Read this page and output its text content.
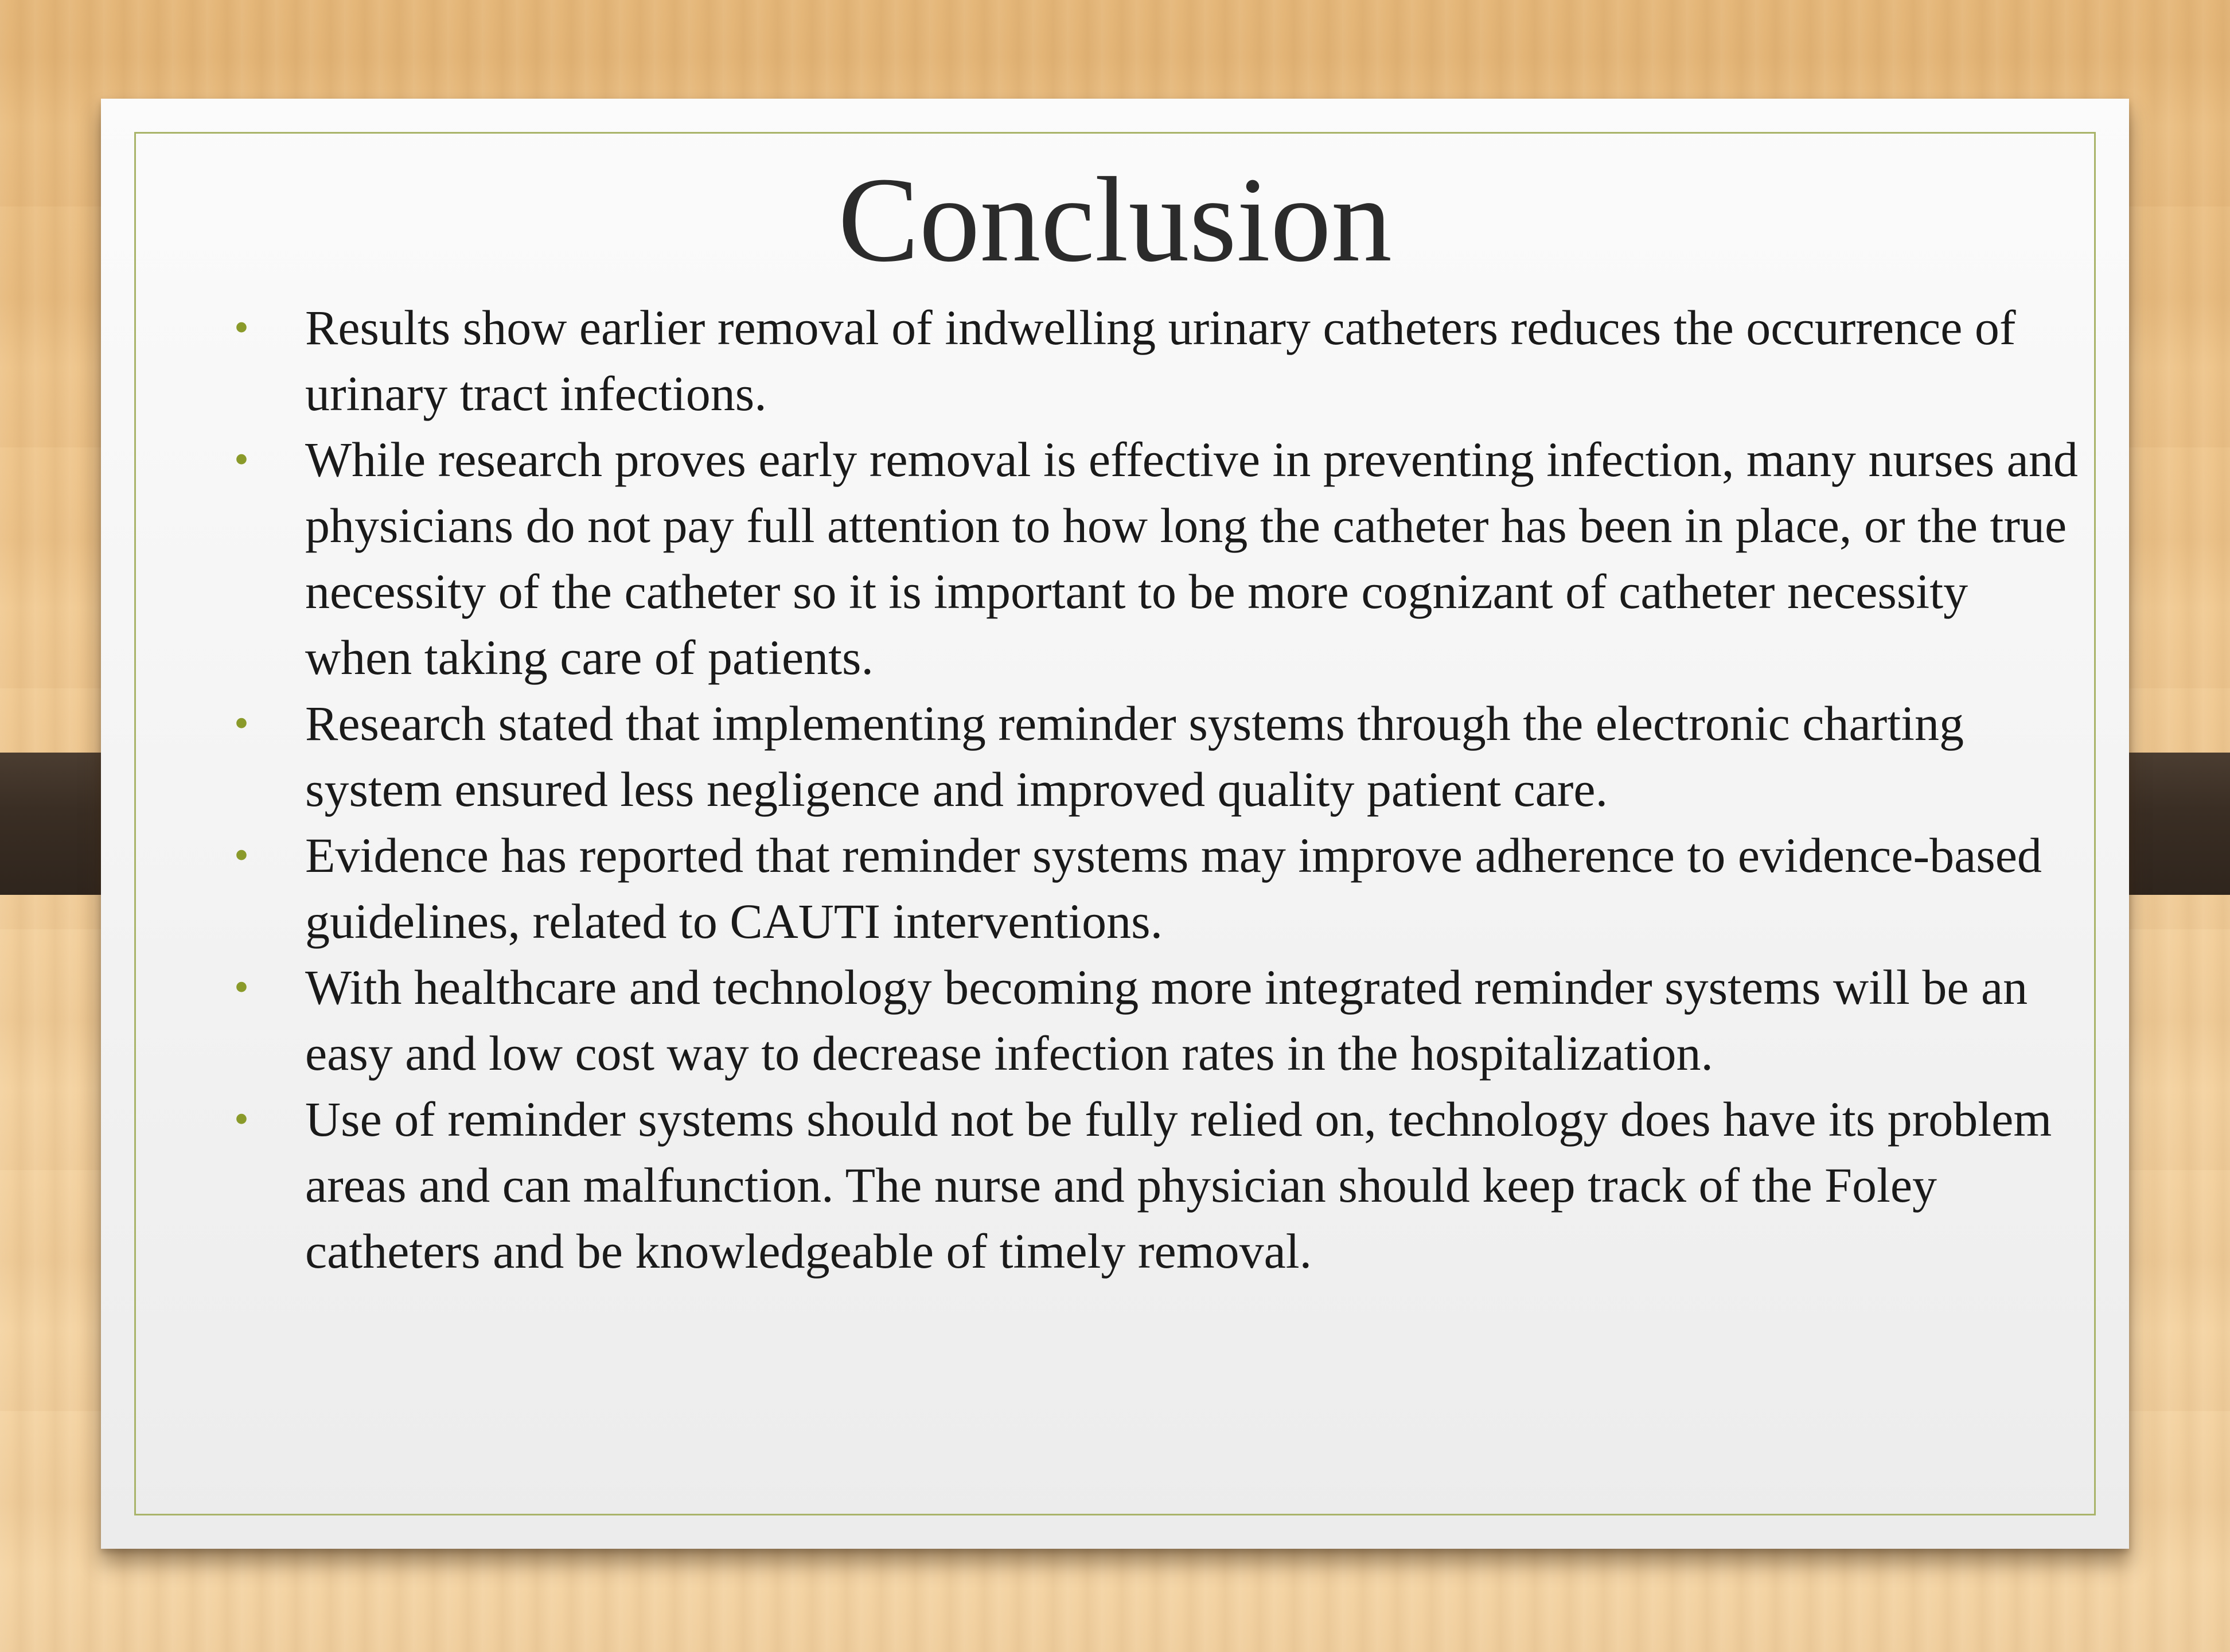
Conclusion
• Results show earlier removal of indwelling urinary catheters reduces the occurrence of urinary tract infections.
• While research proves early removal is effective in preventing infection, many nurses and physicians do not pay full attention to how long the catheter has been in place, or the true necessity of the catheter so it is important to be more cognizant of catheter necessity when taking care of patients.
• Research stated that implementing reminder systems through the electronic charting system ensured less negligence and improved quality patient care.
• Evidence has reported that reminder systems may improve adherence to evidence-based guidelines, related to CAUTI interventions.
• With healthcare and technology becoming more integrated reminder systems will be an easy and low cost way to decrease infection rates in the hospitalization.
• Use of reminder systems should not be fully relied on, technology does have its problem areas and can malfunction. The nurse and physician should keep track of the Foley catheters and be knowledgeable of timely removal.
